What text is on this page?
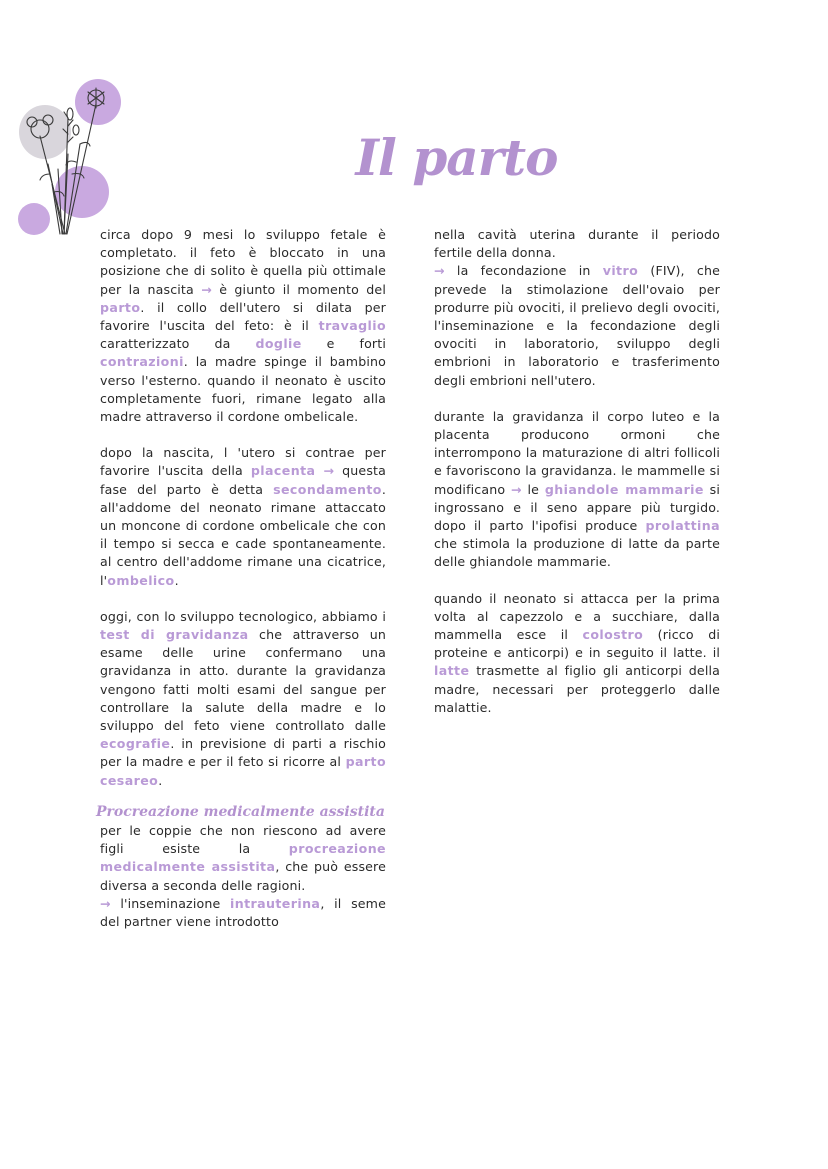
Il parto

circa dopo 9 mesi lo sviluppo fetale è completato. il feto è bloccato in una posizione che di solito è quella più ottimale per la nascita → è giunto il momento del parto. il collo dell'utero si dilata per favorire l'uscita del feto: è il travaglio caratterizzato da doglie e forti contrazioni. la madre spinge il bambino verso l'esterno. quando il neonato è uscito completamente fuori, rimane legato alla madre attraverso il cordone ombelicale.

dopo la nascita, l 'utero si contrae per favorire l'uscita della placenta → questa fase del parto è detta secondamento. all'addome del neonato rimane attaccato un moncone di cordone ombelicale che con il tempo si secca e cade spontaneamente. al centro dell'addome rimane una cicatrice, l'ombelico.

oggi, con lo sviluppo tecnologico, abbiamo i test di gravidanza che attraverso un esame delle urine confermano una gravidanza in atto. durante la gravidanza vengono fatti molti esami del sangue per controllare la salute della madre e lo sviluppo del feto viene controllato dalle ecografie. in previsione di parti a rischio per la madre e per il feto si ricorre al parto cesareo.

Procreazione medicalmente assistita

per le coppie che non riescono ad avere figli esiste la procreazione medicalmente assistita, che può essere diversa a seconda delle ragioni.

→ l'inseminazione intrauterina, il seme del partner viene introdotto

nella cavità uterina durante il periodo fertile della donna.

→ la fecondazione in vitro (FIV), che prevede la stimolazione dell'ovaio per produrre più ovociti, il prelievo degli ovociti, l'inseminazione e la fecondazione degli ovociti in laboratorio, sviluppo degli embrioni in laboratorio e trasferimento degli embrioni nell'utero.

durante la gravidanza il corpo luteo e la placenta producono ormoni che interrompono la maturazione di altri follicoli e favoriscono la gravidanza. le mammelle si modificano → le ghiandole mammarie si ingrossano e il seno appare più turgido. dopo il parto l'ipofisi produce prolattina che stimola la produzione di latte da parte delle ghiandole mammarie.

quando il neonato si attacca per la prima volta al capezzolo e a succhiare, dalla mammella esce il colostro (ricco di proteine e anticorpi) e in seguito il latte. il latte trasmette al figlio gli anticorpi della madre, necessari per proteggerlo dalle malattie.
